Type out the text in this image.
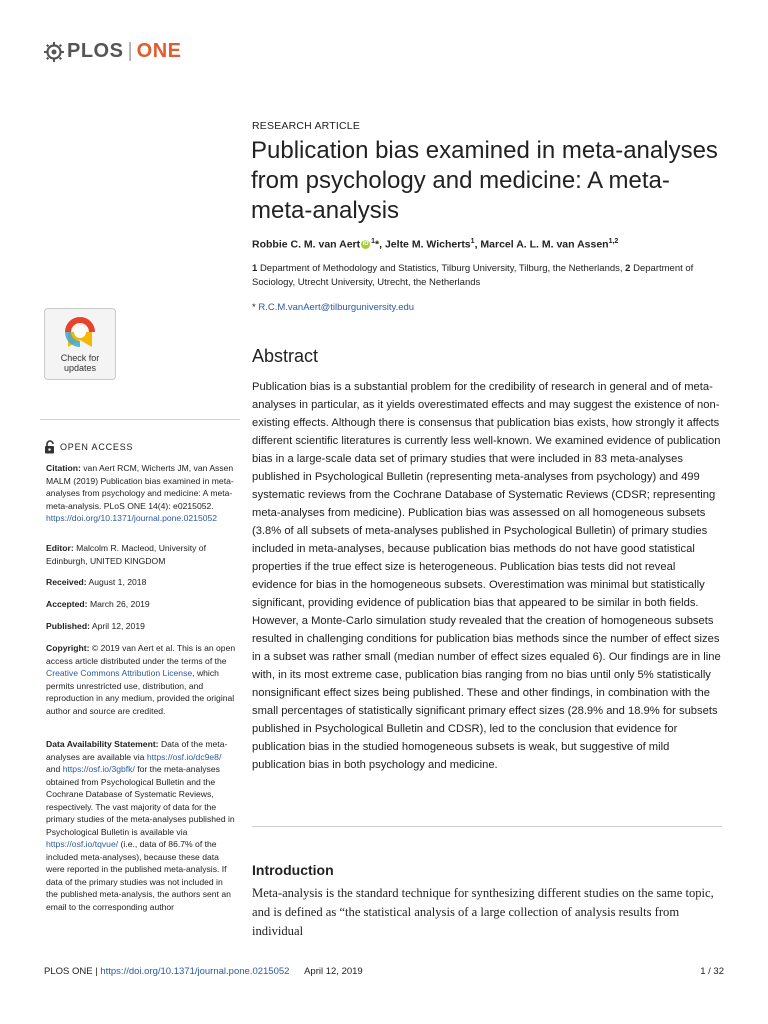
PLOS | ONE
RESEARCH ARTICLE
Publication bias examined in meta-analyses from psychology and medicine: A meta-meta-analysis
Robbie C. M. van Aert iD $^1$*, Jelte M. Wicherts$^1$, Marcel A. L. M. van Assen$^{1,2}$
1 Department of Methodology and Statistics, Tilburg University, Tilburg, the Netherlands, 2 Department of Sociology, Utrecht University, Utrecht, the Netherlands
* R.C.M.vanAert@tilburguniversity.edu
Abstract

Publication bias is a substantial problem for the credibility of research in general and of meta-analyses in particular, as it yields overestimated effects and may suggest the existence of non-existing effects. Although there is consensus that publication bias exists, how strongly it affects different scientific literatures is currently less well-known. We examined evidence of publication bias in a large-scale data set of primary studies that were included in 83 meta-analyses published in Psychological Bulletin (representing meta-analyses from psychology) and 499 systematic reviews from the Cochrane Database of Systematic Reviews (CDSR; representing meta-analyses from medicine). Publication bias was assessed on all homogeneous subsets (3.8% of all subsets of meta-analyses published in Psychological Bulletin) of primary studies included in meta-analyses, because publication bias methods do not have good statistical properties if the true effect size is heterogeneous. Publication bias tests did not reveal evidence for bias in the homogeneous subsets. Overestimation was minimal but statistically significant, providing evidence of publication bias that appeared to be similar in both fields. However, a Monte-Carlo simulation study revealed that the creation of homogeneous subsets resulted in challenging conditions for publication bias methods since the number of effect sizes in a subset was rather small (median number of effect sizes equaled 6). Our findings are in line with, in its most extreme case, publication bias ranging from no bias until only 5% statistically nonsignificant effect sizes being published. These and other findings, in combination with the small percentages of statistically significant primary effect sizes (28.9% and 18.9% for subsets published in Psychological Bulletin and CDSR), led to the conclusion that evidence for publication bias in the studied homogeneous subsets is weak, but suggestive of mild publication bias in both psychology and medicine.

Introduction

Meta-analysis is the standard technique for synthesizing different studies on the same topic, and is defined as “the statistical analysis of a large collection of analysis results from individual

Check for
updates
OPEN ACCESS

Citation: van Aert RCM, Wicherts JM, van Assen MALM (2019) Publication bias examined in meta-analyses from psychology and medicine: A meta-meta-analysis. PLoS ONE 14(4): e0215052. https://doi.org/10.1371/journal.pone.0215052

Editor: Malcolm R. Macleod, University of Edinburgh, UNITED KINGDOM

Received: August 1, 2018

Accepted: March 26, 2019

Published: April 12, 2019

Copyright: © 2019 van Aert et al. This is an open access article distributed under the terms of the Creative Commons Attribution License, which permits unrestricted use, distribution, and reproduction in any medium, provided the original author and source are credited.

Data Availability Statement: Data of the meta-analyses are available via https://osf.io/dc9e8/ and https://osf.io/3gbfk/ for the meta-analyses obtained from Psychological Bulletin and the Cochrane Database of Systematic Reviews, respectively. The vast majority of data for the primary studies of the meta-analyses published in Psychological Bulletin is available via https://osf.io/tqvue/ (i.e., data of 86.7% of the included meta-analyses), because these data were reported in the published meta-analysis. If data of the primary studies was not included in the published meta-analysis, the authors sent an email to the corresponding author

PLOS ONE | https://doi.org/10.1371/journal.pone.0215052 April 12, 2019	1 / 32
